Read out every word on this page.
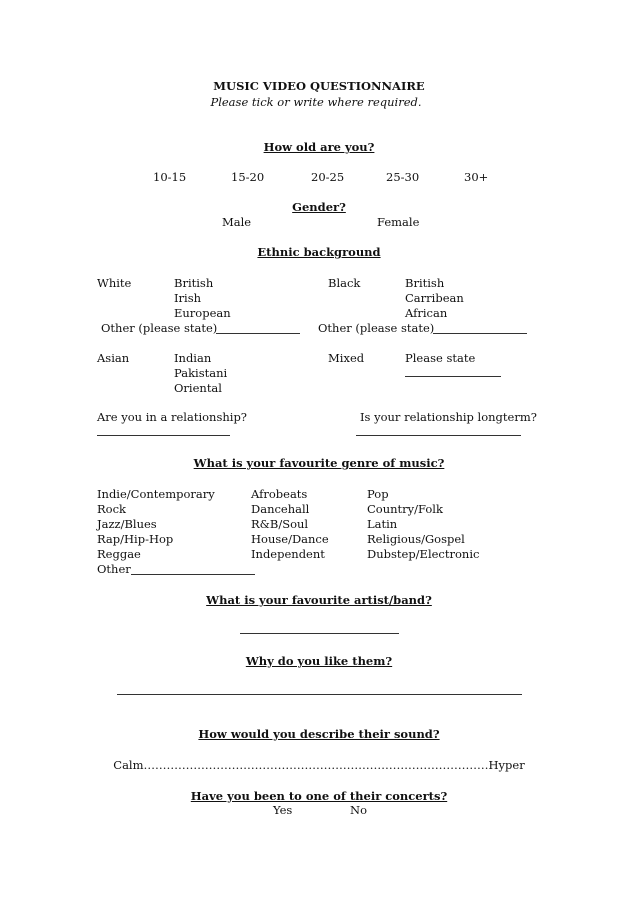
MUSIC VIDEO QUESTIONNAIRE
Please tick or write where required.
How old are you?
10-15	15-20	20-25	25-30	30+
Gender?
Male	Female
Ethnic background
White	British
Irish
European
Other (please state)
Black	British
Carribean
African
Other (please state)
Asian	Indian
Pakistani
Oriental
Mixed	Please state
Are you in a relationship?	Is your relationship longterm?
What is your favourite genre of music?
Indie/Contemporary
Rock
Jazz/Blues
Rap/Hip-Hop
Reggae
Afrobeats
Dancehall
R&B/Soul
House/Dance
Independent
Pop
Country/Folk
Latin
Religious/Gospel
Dubstep/Electronic
Other
What is your favourite artist/band?
Why do you like them?
How would you describe their sound?
Calm………………………………………………………………………………Hyper
Have you been to one of their concerts?
Yes	No
